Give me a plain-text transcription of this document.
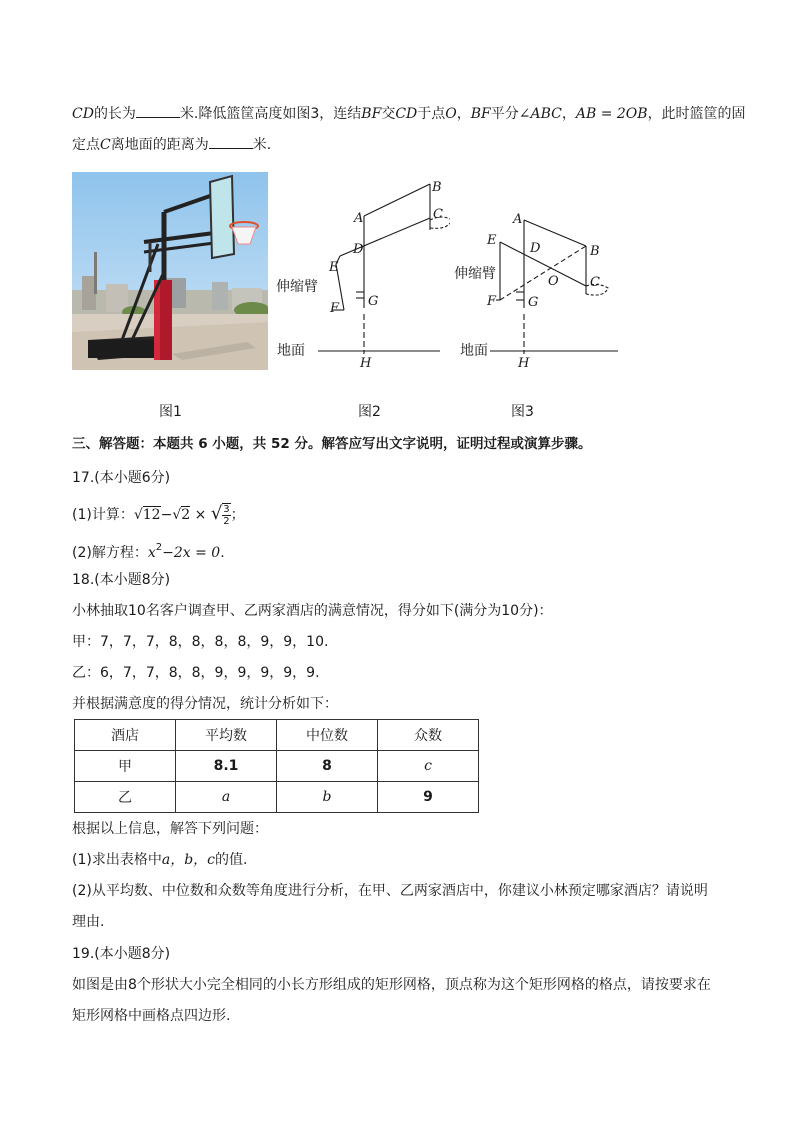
CD的长为	米.降低篮筐高度如图3，连结BF交CD于点O，BF平分∠ABC，AB = 2OB，此时篮筐的固
定点C离地面的距离为	米.
B
A	C
D
E
F G
H
伸缩臂
地面
A
B
C
D
E
F G
H
O
伸缩臂
地面
图1	图2	图3
三、解答题：本题共 6 小题，共 52 分。解答应写出文字说明，证明过程或演算步骤。
17.(本小题6分)
(1)计算：√12−√2 × √ $\frac{3}{2}$；
(2)解方程：$x^2-2x = 0$.
18.(本小题8分)
小林抽取10名客户调查甲、乙两家酒店的满意情况，得分如下(满分为10分)：
甲：7，7，7，8，8，8，8，9，9，10.
乙：6，7，7，8，8，9，9，9，9，9.
并根据满意度的得分情况，统计分析如下：
酒店	平均数	中位数	众数
甲	8.1	8	c
乙	a	b	9
根据以上信息，解答下列问题：
(1)求出表格中a，b，c的值.
(2)从平均数、中位数和众数等角度进行分析，在甲、乙两家酒店中，你建议小林预定哪家酒店？请说明
理由.
19.(本小题8分)
如图是由8个形状大小完全相同的小长方形组成的矩形网格，顶点称为这个矩形网格的格点，请按要求在
矩形网格中画格点四边形.
